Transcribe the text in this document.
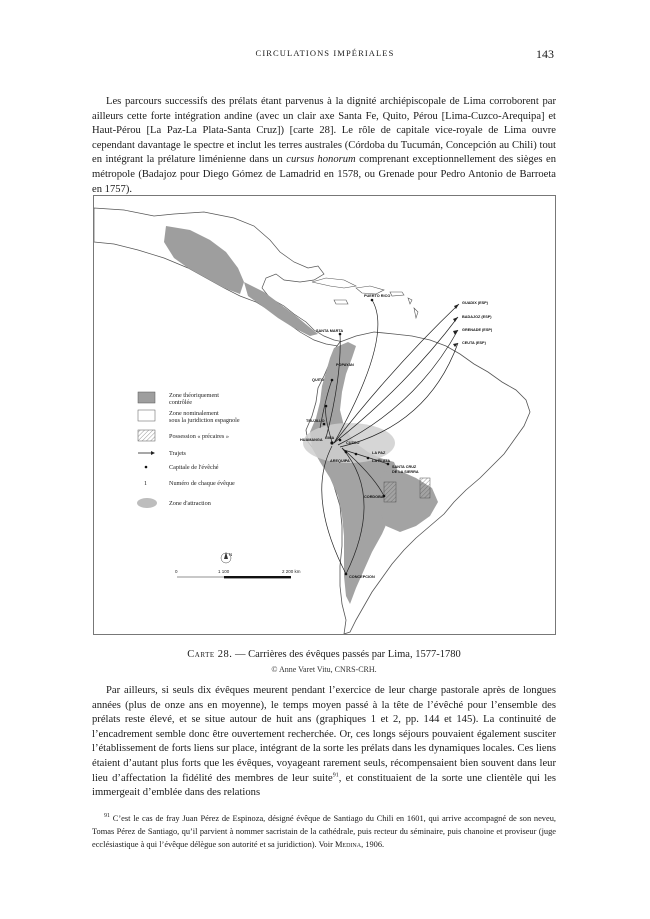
CIRCULATIONS IMPÉRIALES	143

Les parcours successifs des prélats étant parvenus à la dignité archiépiscopale de Lima corroborent par ailleurs cette forte intégration andine (avec un clair axe Santa Fe, Quito, Pérou [Lima-Cuzco-Arequipa] et Haut-Pérou [La Paz-La Plata-Santa Cruz]) [carte 28]. Le rôle de capitale vice-royale de Lima ouvre cependant davantage le spectre et inclut les terres australes (Córdoba du Tucumán, Concepción au Chili) tout en intégrant la prélature liménienne dans un cursus honorum comprenant exceptionnellement des sièges en métropole (Badajoz pour Diego Gómez de Lamadrid en 1578, ou Grenade pour Pedro Antonio de Barroeta en 1757).

GUADIX (ESP)
BADAJOZ (ESP)
GRENADE (ESP)
CEUTA (ESP)
PUERTO RICO
SANTA MARTA
POPAYAN
QUITO
TRUJILLO
HUAMANGA LIMA
CUZCO
LA PAZ
LA PLATA
AREQUIPA
SANTA CRUZ
DE LA SIERRA
CORDOBA
CONCEPCION
Zone théoriquement
contrôlée
Zone nominalement
sous la juridiction espagnole
Possession « précaires »
Trajets
Capitale de l'évêché
1	Numéro de chaque évêque
Zone d'attraction
N
0	1 100	2 200 km
Carte 28. — Carrières des évêques passés par Lima, 1577-1780
© Anne Varet Vitu, CNRS-CRH.

Par ailleurs, si seuls dix évêques meurent pendant l’exercice de leur charge pastorale après de longues années (plus de onze ans en moyenne), le temps moyen passé à la tête de l’évêché pour l’ensemble des prélats reste élevé, et se situe autour de huit ans (graphiques 1 et 2, pp. 144 et 145). La continuité de l’encadrement semble donc être ouvertement recherchée. Or, ces longs séjours pouvaient également susciter l’établissement de forts liens sur place, intégrant de la sorte les prélats dans les dynamiques locales. Ces liens étaient d’autant plus forts que les évêques, voyageant rarement seuls, récompensaient bien souvent dans leur lieu d’affectation la fidélité des membres de leur suite$^{91}$, et constituaient de la sorte une clientèle qui les immergeait d’emblée dans des relations

$^{91}$ C’est le cas de fray Juan Pérez de Espinoza, désigné évêque de Santiago du Chili en 1601, qui arrive accompagné de son neveu, Tomas Pérez de Santiago, qu’il parvient à nommer sacristain de la cathédrale, puis recteur du séminaire, puis chanoine et proviseur (juge ecclésiastique à qui l’évêque délègue son autorité et sa juridiction). Voir Medina, 1906.
